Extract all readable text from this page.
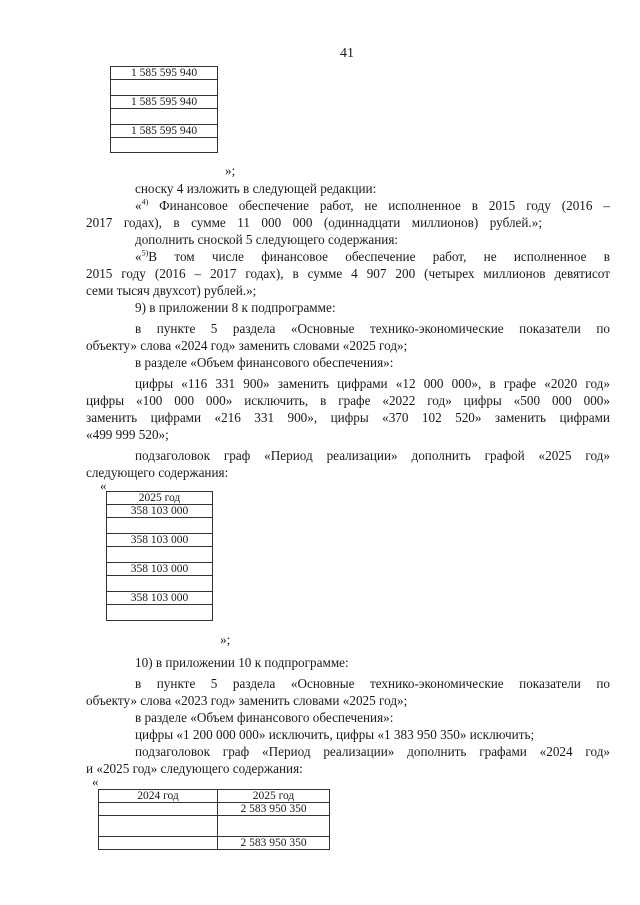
41
1 585 595 940

1 585 595 940

1 585 595 940

»;
сноску 4 изложить в следующей редакции:
«$^{4)}$ Финансовое обеспечение работ, не исполненное в 2015 году (2016 –
2017 годах), в сумме 11 000 000 (одиннадцати миллионов) рублей.»;
дополнить сноской 5 следующего содержания:
«$^{5)}$В том числе финансовое обеспечение работ, не исполненное в
2015 году (2016 – 2017 годах), в сумме 4 907 200 (четырех миллионов девятисот
семи тысяч двухсот) рублей.»;
9) в приложении 8 к подпрограмме:
в пункте 5 раздела «Основные технико-экономические показатели по
объекту» слова «2024 год» заменить словами «2025 год»;
в разделе «Объем финансового обеспечения»:
цифры «116 331 900» заменить цифрами «12 000 000», в графе «2020 год»
цифры «100 000 000» исключить, в графе «2022 год» цифры «500 000 000»
заменить цифрами «216 331 900», цифры «370 102 520» заменить цифрами
«499 999 520»;
подзаголовок граф «Период реализации» дополнить графой «2025 год»
следующего содержания:
«
2025 год
358 103 000

358 103 000

358 103 000

358 103 000

»;
10) в приложении 10 к подпрограмме:
в пункте 5 раздела «Основные технико-экономические показатели по
объекту» слова «2023 год» заменить словами «2025 год»;
в разделе «Объем финансового обеспечения»:
цифры «1 200 000 000» исключить, цифры «1 383 950 350» исключить;
подзаголовок граф «Период реализации» дополнить графами «2024 год»
и «2025 год» следующего содержания:
«
2024 год	2025 год
	2 583 950 350

	2 583 950 350
